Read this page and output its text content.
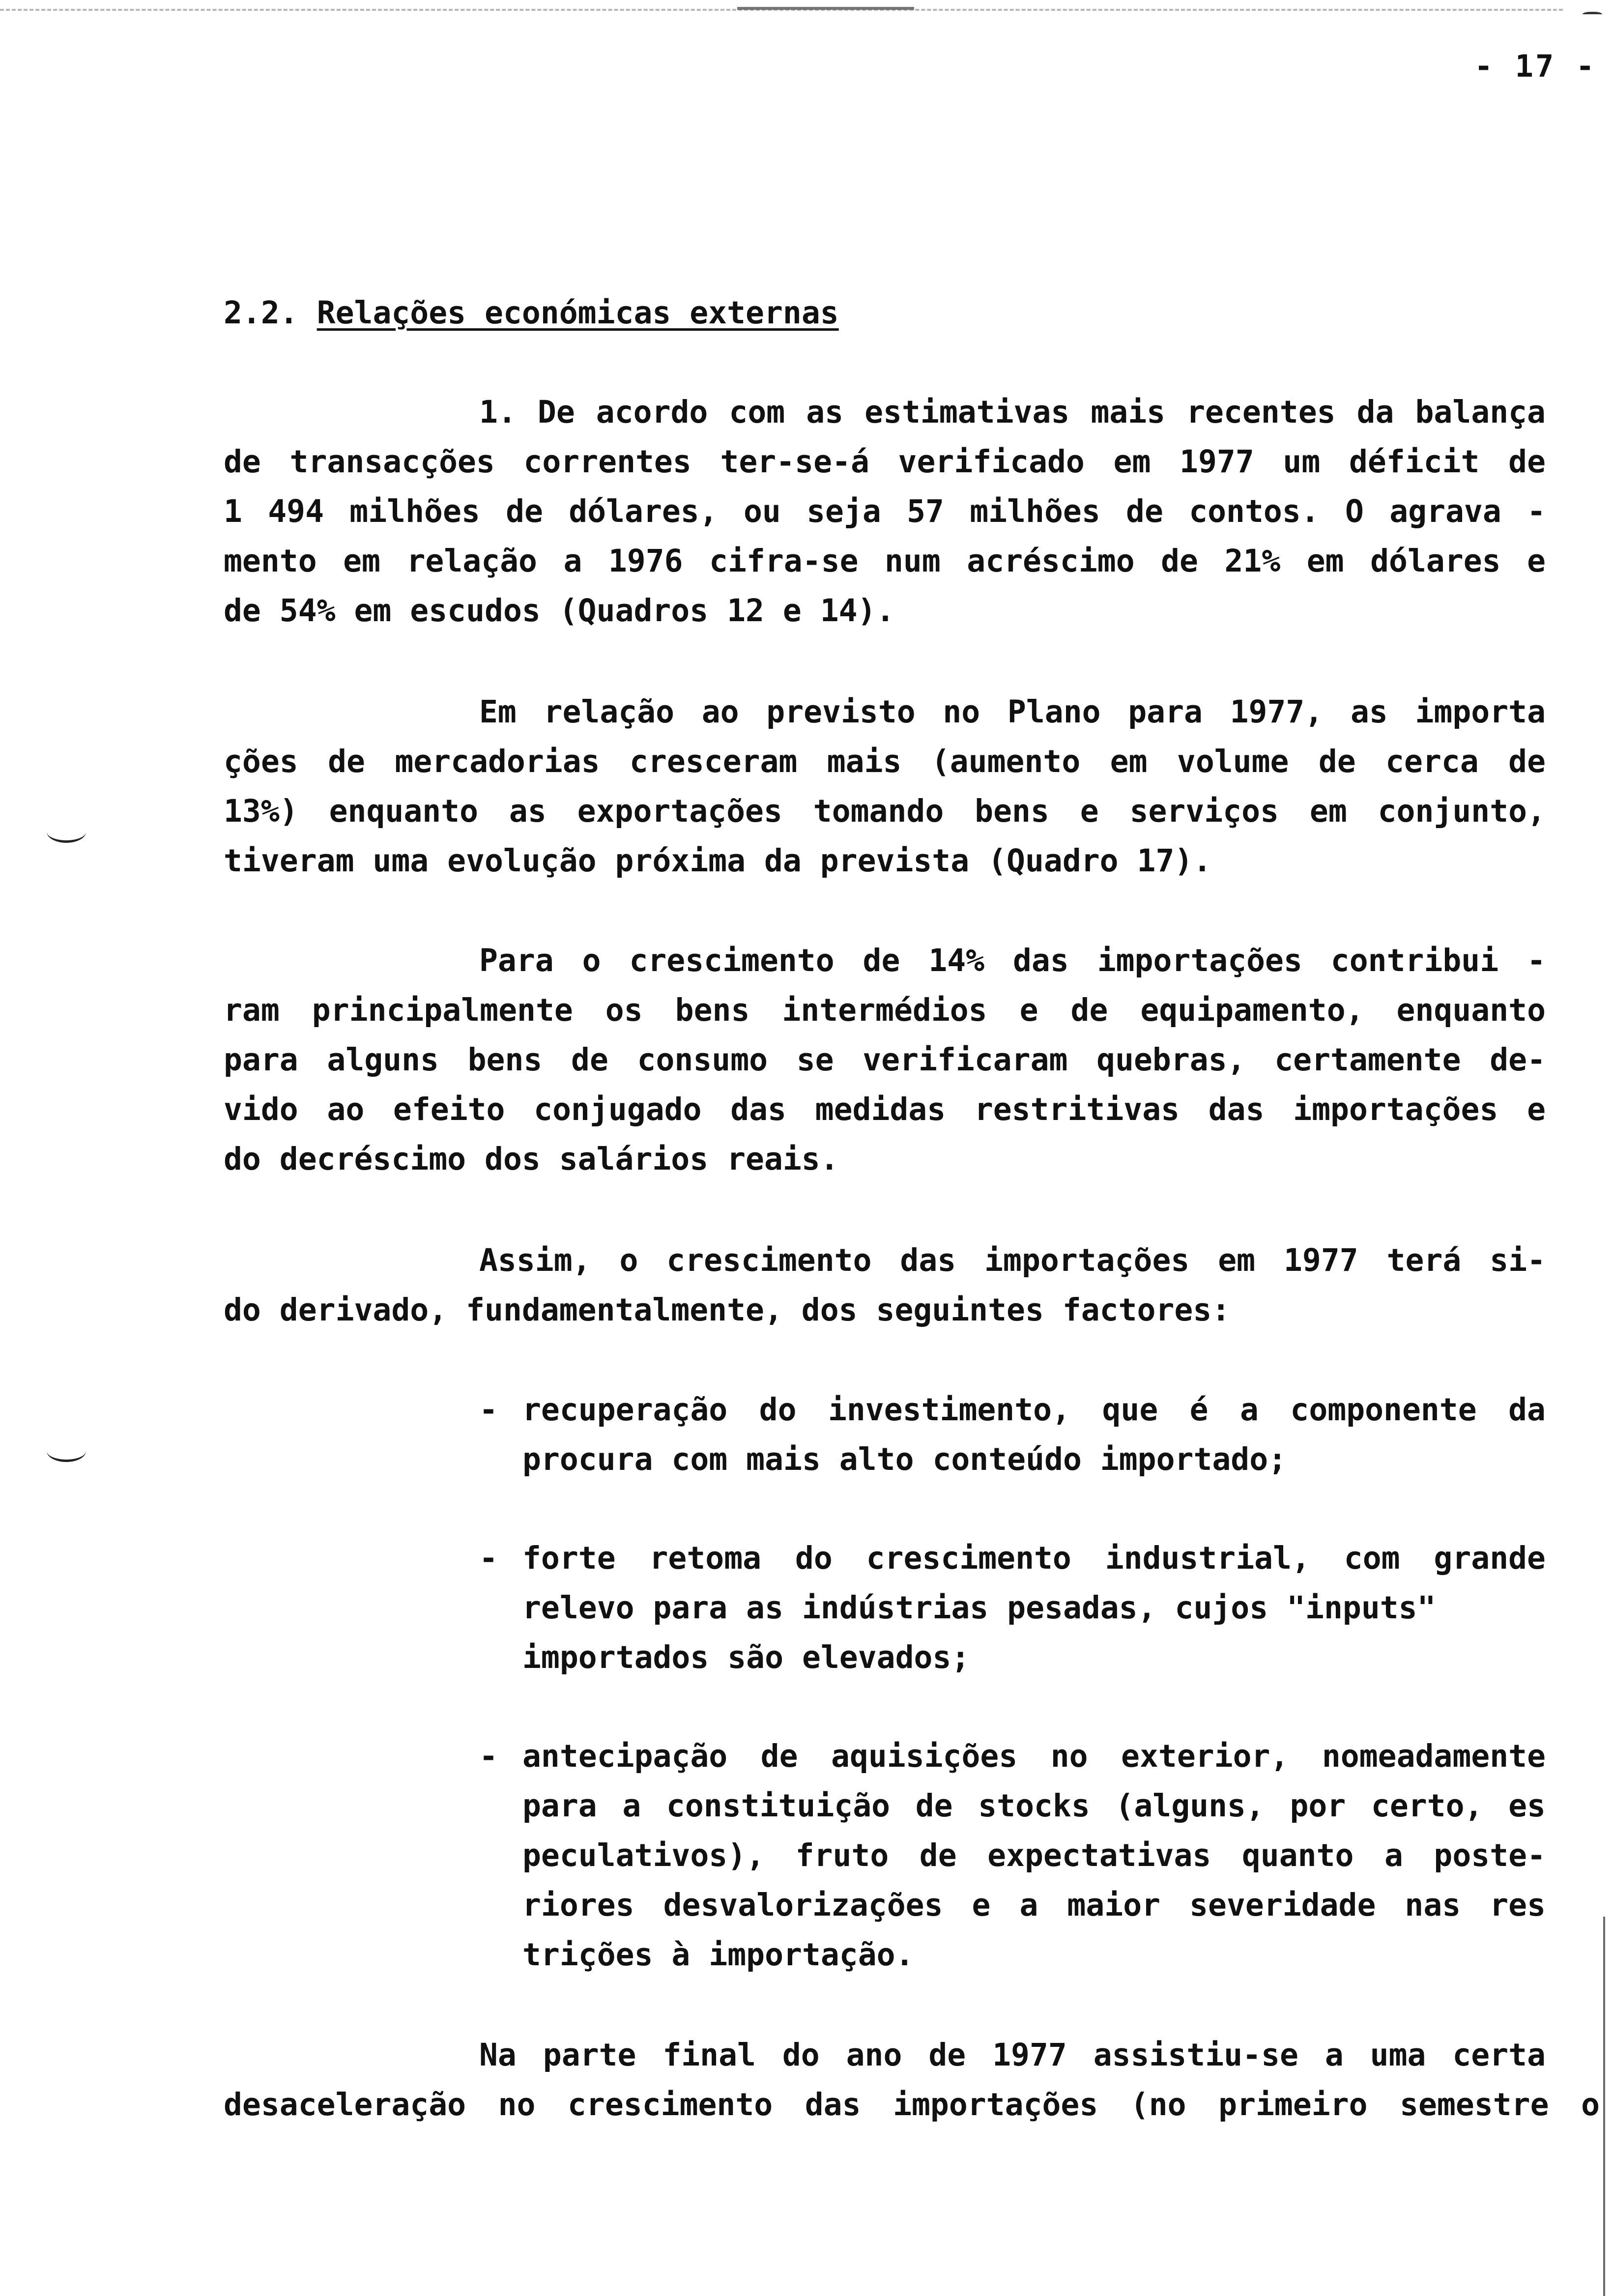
- 17 -
2.2. Relações económicas externas
1. De acordo com as estimativas mais recentes da balança
de transacções correntes ter-se-á verificado em 1977 um déficit de
1 494 milhões de dólares, ou seja 57 milhões de contos. O agrava -
mento em relação a 1976 cifra-se num acréscimo de 21% em dólares e
de 54% em escudos (Quadros 12 e 14).
Em relação ao previsto no Plano para 1977, as importa
ções de mercadorias cresceram mais (aumento em volume de cerca de
13%) enquanto as exportações tomando bens e serviços em conjunto,
tiveram uma evolução próxima da prevista (Quadro 17).
Para o crescimento de 14% das importações contribui -
ram principalmente os bens intermédios e de equipamento, enquanto
para alguns bens de consumo se verificaram quebras, certamente de-
vido ao efeito conjugado das medidas restritivas das importações e
do decréscimo dos salários reais.
Assim, o crescimento das importações em 1977 terá si-
do derivado, fundamentalmente, dos seguintes factores:
- recuperação do investimento, que é a componente da
procura com mais alto conteúdo importado;
- forte retoma do crescimento industrial, com grande
relevo para as indústrias pesadas, cujos "inputs"
importados são elevados;
- antecipação de aquisições no exterior, nomeadamente
para a constituição de stocks (alguns, por certo, es
peculativos), fruto de expectativas quanto a poste-
riores desvalorizações e a maior severidade nas res
trições à importação.
Na parte final do ano de 1977 assistiu-se a uma certa
desaceleração no crescimento das importações (no primeiro semestre o
